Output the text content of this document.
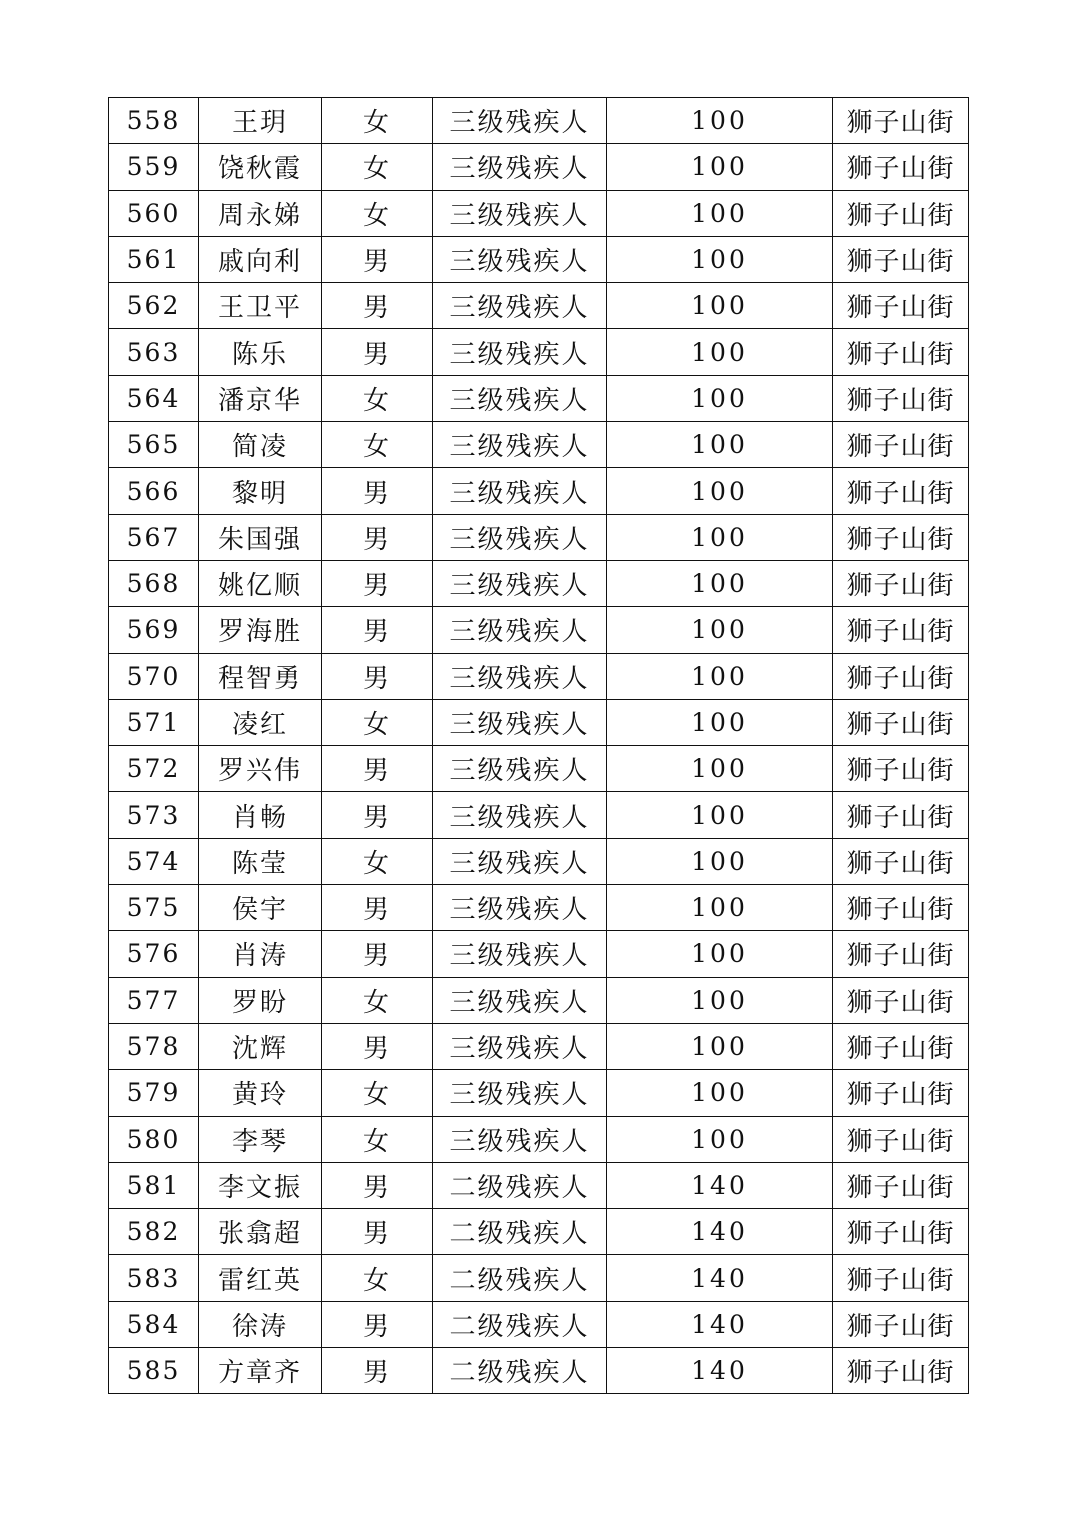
558	王玥	女	三级残疾人	100	狮子山街
559	饶秋霞	女	三级残疾人	100	狮子山街
560	周永娣	女	三级残疾人	100	狮子山街
561	戚向利	男	三级残疾人	100	狮子山街
562	王卫平	男	三级残疾人	100	狮子山街
563	陈乐	男	三级残疾人	100	狮子山街
564	潘京华	女	三级残疾人	100	狮子山街
565	简凌	女	三级残疾人	100	狮子山街
566	黎明	男	三级残疾人	100	狮子山街
567	朱国强	男	三级残疾人	100	狮子山街
568	姚亿顺	男	三级残疾人	100	狮子山街
569	罗海胜	男	三级残疾人	100	狮子山街
570	程智勇	男	三级残疾人	100	狮子山街
571	凌红	女	三级残疾人	100	狮子山街
572	罗兴伟	男	三级残疾人	100	狮子山街
573	肖畅	男	三级残疾人	100	狮子山街
574	陈莹	女	三级残疾人	100	狮子山街
575	侯宇	男	三级残疾人	100	狮子山街
576	肖涛	男	三级残疾人	100	狮子山街
577	罗盼	女	三级残疾人	100	狮子山街
578	沈辉	男	三级残疾人	100	狮子山街
579	黄玲	女	三级残疾人	100	狮子山街
580	李琴	女	三级残疾人	100	狮子山街
581	李文振	男	二级残疾人	140	狮子山街
582	张翕超	男	二级残疾人	140	狮子山街
583	雷红英	女	二级残疾人	140	狮子山街
584	徐涛	男	二级残疾人	140	狮子山街
585	方章齐	男	二级残疾人	140	狮子山街
